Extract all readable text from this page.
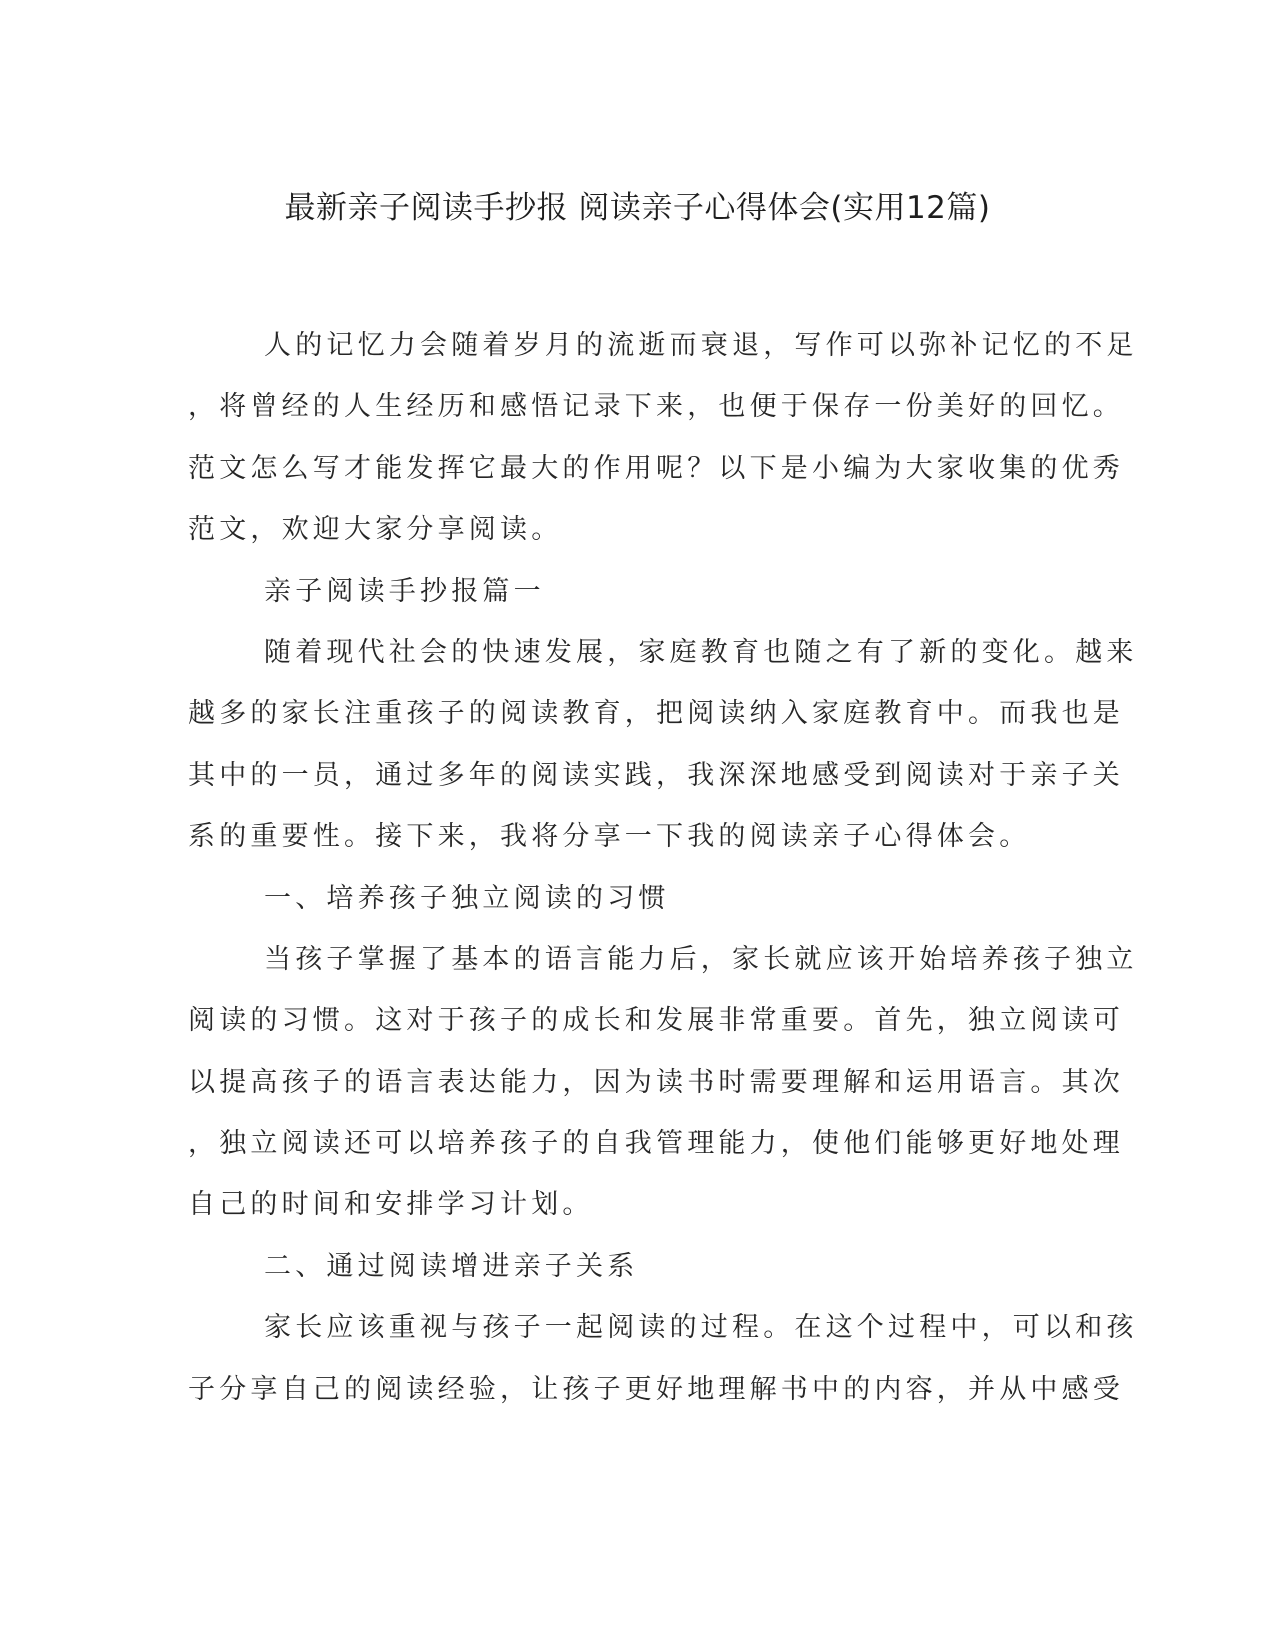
最新亲子阅读手抄报 阅读亲子心得体会(实用12篇)
人的记忆力会随着岁月的流逝而衰退，写作可以弥补记忆的不足
，将曾经的人生经历和感悟记录下来，也便于保存一份美好的回忆。
范文怎么写才能发挥它最大的作用呢？以下是小编为大家收集的优秀
范文，欢迎大家分享阅读。
亲子阅读手抄报篇一
随着现代社会的快速发展，家庭教育也随之有了新的变化。越来
越多的家长注重孩子的阅读教育，把阅读纳入家庭教育中。而我也是
其中的一员，通过多年的阅读实践，我深深地感受到阅读对于亲子关
系的重要性。接下来，我将分享一下我的阅读亲子心得体会。
一、培养孩子独立阅读的习惯
当孩子掌握了基本的语言能力后，家长就应该开始培养孩子独立
阅读的习惯。这对于孩子的成长和发展非常重要。首先，独立阅读可
以提高孩子的语言表达能力，因为读书时需要理解和运用语言。其次
，独立阅读还可以培养孩子的自我管理能力，使他们能够更好地处理
自己的时间和安排学习计划。
二、通过阅读增进亲子关系
家长应该重视与孩子一起阅读的过程。在这个过程中，可以和孩
子分享自己的阅读经验，让孩子更好地理解书中的内容，并从中感受
